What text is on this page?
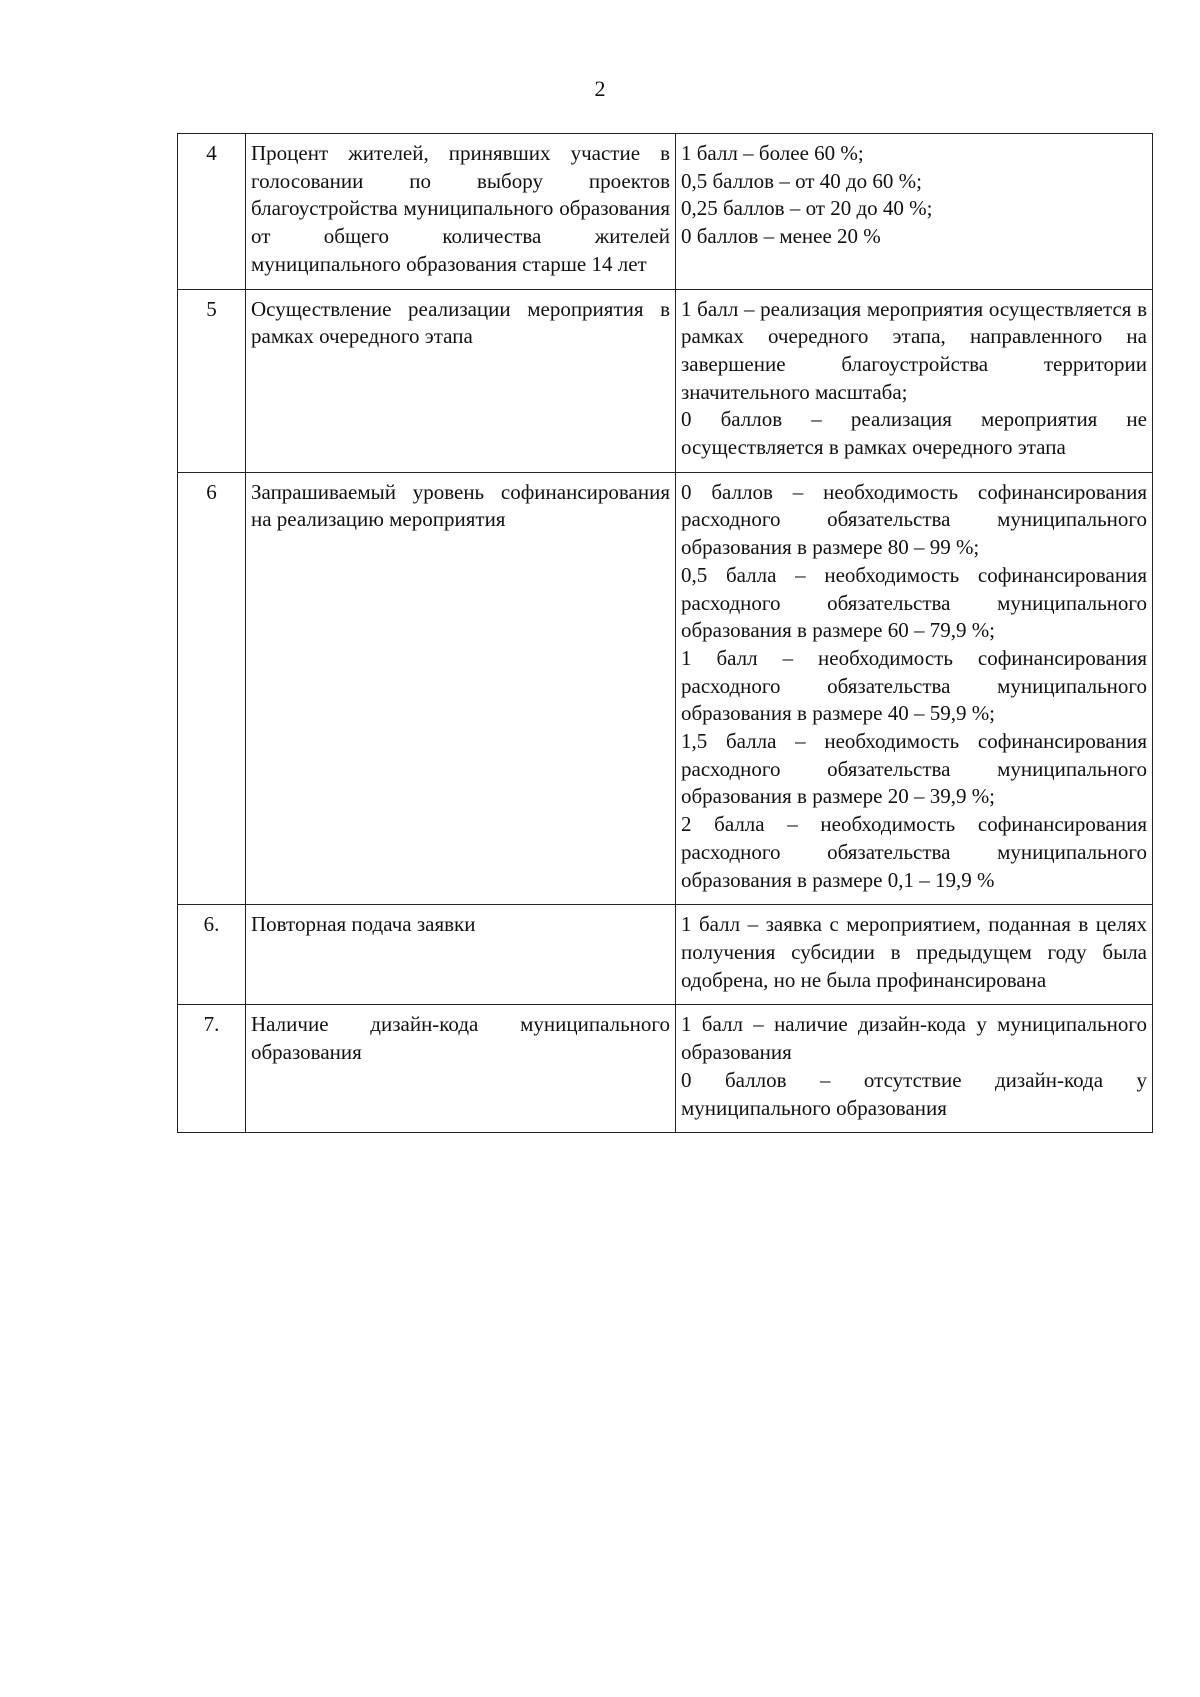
2
4	Процент жителей, принявших участие в голосовании по выбору проектов благоустройства муниципального образования от общего количества жителей муниципального образования старше 14 лет	1 балл – более 60 %;
0,5 баллов – от 40 до 60 %;
0,25 баллов – от 20 до 40 %;
0 баллов – менее 20 %

5	Осуществление реализации мероприятия в рамках очередного этапа	1 балл – реализация мероприятия осуществляется в рамках очередного этапа, направленного на завершение благоустройства территории значительного масштаба;
0 баллов – реализация мероприятия не осуществляется в рамках очередного этапа

6	Запрашиваемый уровень софинансирования на реализацию мероприятия	0 баллов – необходимость софинансирования расходного обязательства муниципального образования в размере 80 – 99 %;
0,5 балла – необходимость софинансирования расходного обязательства муниципального образования в размере 60 – 79,9 %;
1 балл – необходимость софинансирования расходного обязательства муниципального образования в размере 40 – 59,9 %;
1,5 балла – необходимость софинансирования расходного обязательства муниципального образования в размере 20 – 39,9 %;
2 балла – необходимость софинансирования расходного обязательства муниципального образования в размере 0,1 – 19,9 %

6.	Повторная подача заявки	1 балл – заявка с мероприятием, поданная в целях получения субсидии в предыдущем году была одобрена, но не была профинансирована

7.	Наличие дизайн-кода муниципального образования	1 балл – наличие дизайн-кода у муниципального образования
0 баллов – отсутствие дизайн-кода у муниципального образования
